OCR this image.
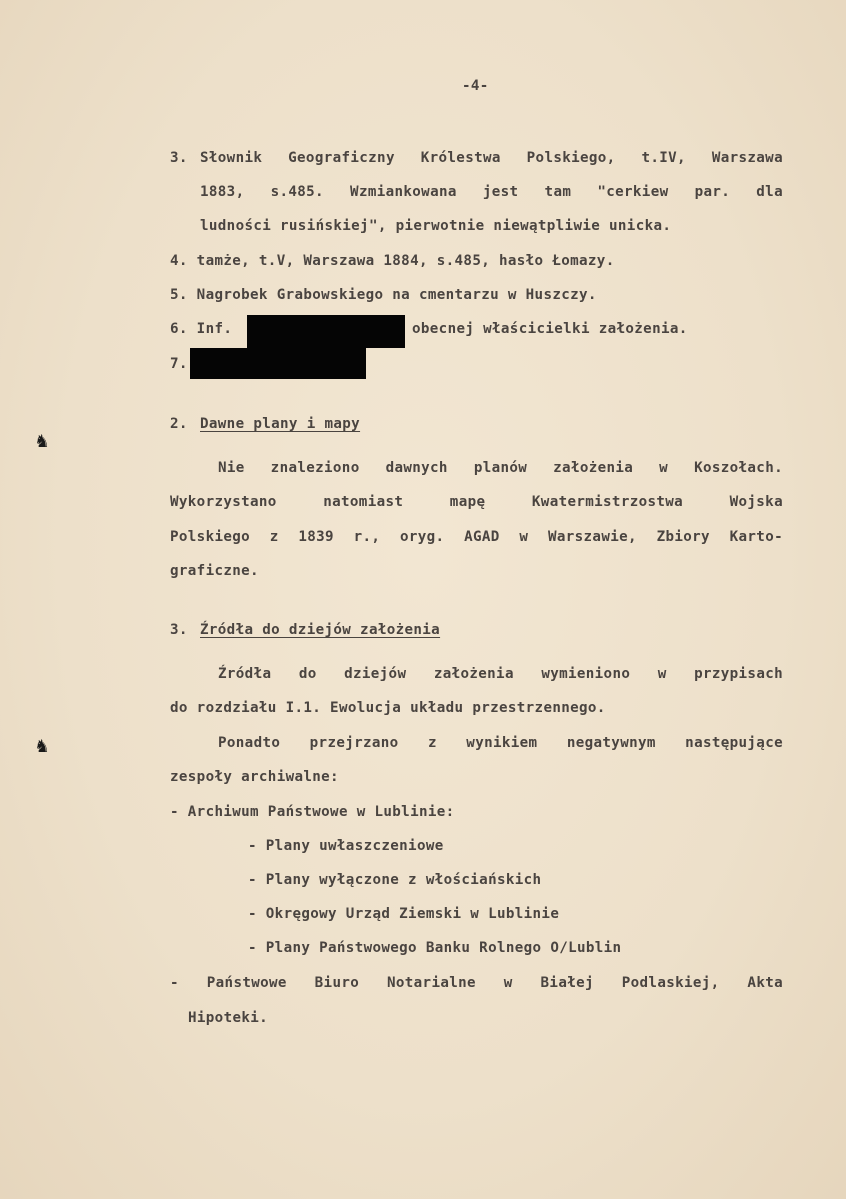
-4-
3. Słownik Geograficzny Królestwa Polskiego, t.IV, Warszawa
1883, s.485. Wzmiankowana jest tam "cerkiew par. dla
ludności rusińskiej", pierwotnie niewątpliwie unicka.
4. tamże, t.V, Warszawa 1884, s.485, hasło Łomazy.
5. Nagrobek Grabowskiego na cmentarzu w Huszczy.
6. Inf.	obecnej właścicielki założenia.
7.
♞
2. Dawne plany i mapy
Nie znaleziono dawnych planów założenia w Koszołach.
Wykorzystano	natomiast	mapę	Kwatermistrzostwa	Wojska
Polskiego z 1839 r., oryg. AGAD w Warszawie, Zbiory Karto-
graficzne.
3. Źródła do dziejów założenia
Źródła do dziejów założenia wymieniono w przypisach
do rozdziału I.1. Ewolucja układu przestrzennego.
♞	Ponadto przejrzano z wynikiem negatywnym następujące
zespoły archiwalne:
- Archiwum Państwowe w Lublinie:
- Plany uwłaszczeniowe
- Plany wyłączone z włościańskich
- Okręgowy Urząd Ziemski w Lublinie
- Plany Państwowego Banku Rolnego O/Lublin
- Państwowe Biuro Notarialne w Białej Podlaskiej, Akta
Hipoteki.
